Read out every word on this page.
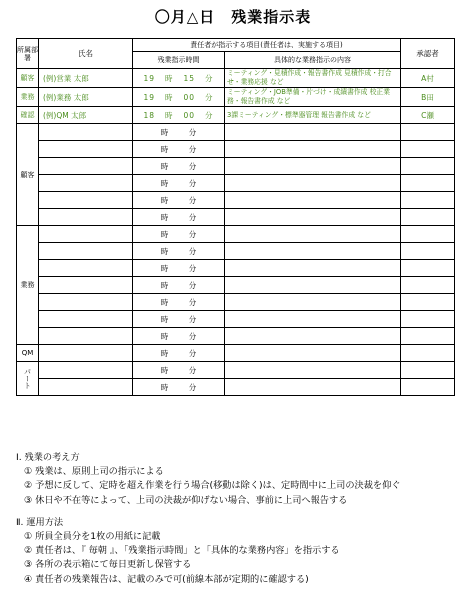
〇月△日　残業指示表
所属部署	氏名	責任者が指示する項目(責任者は、実施する項目)		承認者
		残業指示時間	具体的な業務指示の内容	
顧客	(例)営業 太郎	19 時 15 分	ミーティング・見積作成・報告書作成 見積作成・打合せ・業務応援 など	A村
業務	(例)業務 太郎	19 時 00 分	ミーティング・JOB準備・片づけ・成績書作成 校正業務・報告書作成 など	B田
確認	(例)QM 太郎	18 時 00 分	3課ミーティング・標準器管理 報告書作成 など	C瀬
顧客		時 分		
		時 分		
		時 分		
		時 分		
		時 分		
		時 分		
業務		時 分		
		時 分		
		時 分		
		時 分		
		時 分		
		時 分		
		時 分		
QM		時 分		
パート		時 分		
		時 分		
Ⅰ. 残業の考え方
① 残業は、原則上司の指示による
② 予想に反して、定時を超え作業を行う場合(移動は除く)は、定時間中に上司の決裁を仰ぐ
③ 休日や不在等によって、上司の決裁が仰げない場合、事前に上司へ報告する
Ⅱ. 運用方法
① 所員全員分を1枚の用紙に記載
② 責任者は、『 毎朝 』、「残業指示時間」と「具体的な業務内容」を指示する
③ 各所の表示箱にて毎日更新し保管する
④ 責任者の残業報告は、記載のみで可(前線本部が定期的に確認する)
